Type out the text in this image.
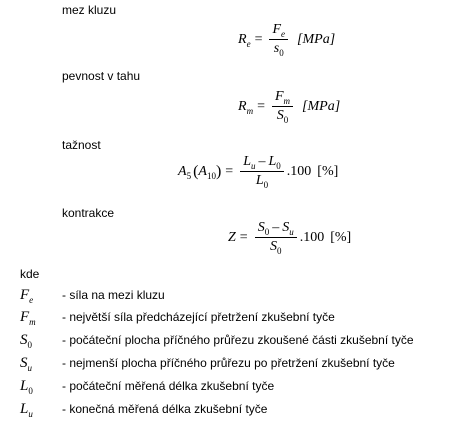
mez kluzu
pevnost v tahu
tažnost
kontrakce
R $e = \frac{F_e}{s_0} [MPa]$
R $m = \frac{F_m}{S_0} [MPa]$
A 5 ( A 10 ) = $\frac{L_u - L_0}{L_0} .100$ [%]
$Z = \frac{S_0 - S_u}{S_0} .100$ [%]
kde
$F_e$	- síla na mezi kluzu
$F_m$	- největší síla předcházející přetržení zkušební tyče
$S_0$	- počáteční plocha příčného průřezu zkoušené části zkušební tyče
$S_u$	- nejmenší plocha příčného průřezu po přetržení zkušební tyče
$L_0$	- počáteční měřená délka zkušební tyče
$L_u$	- konečná měřená délka zkušební tyče
